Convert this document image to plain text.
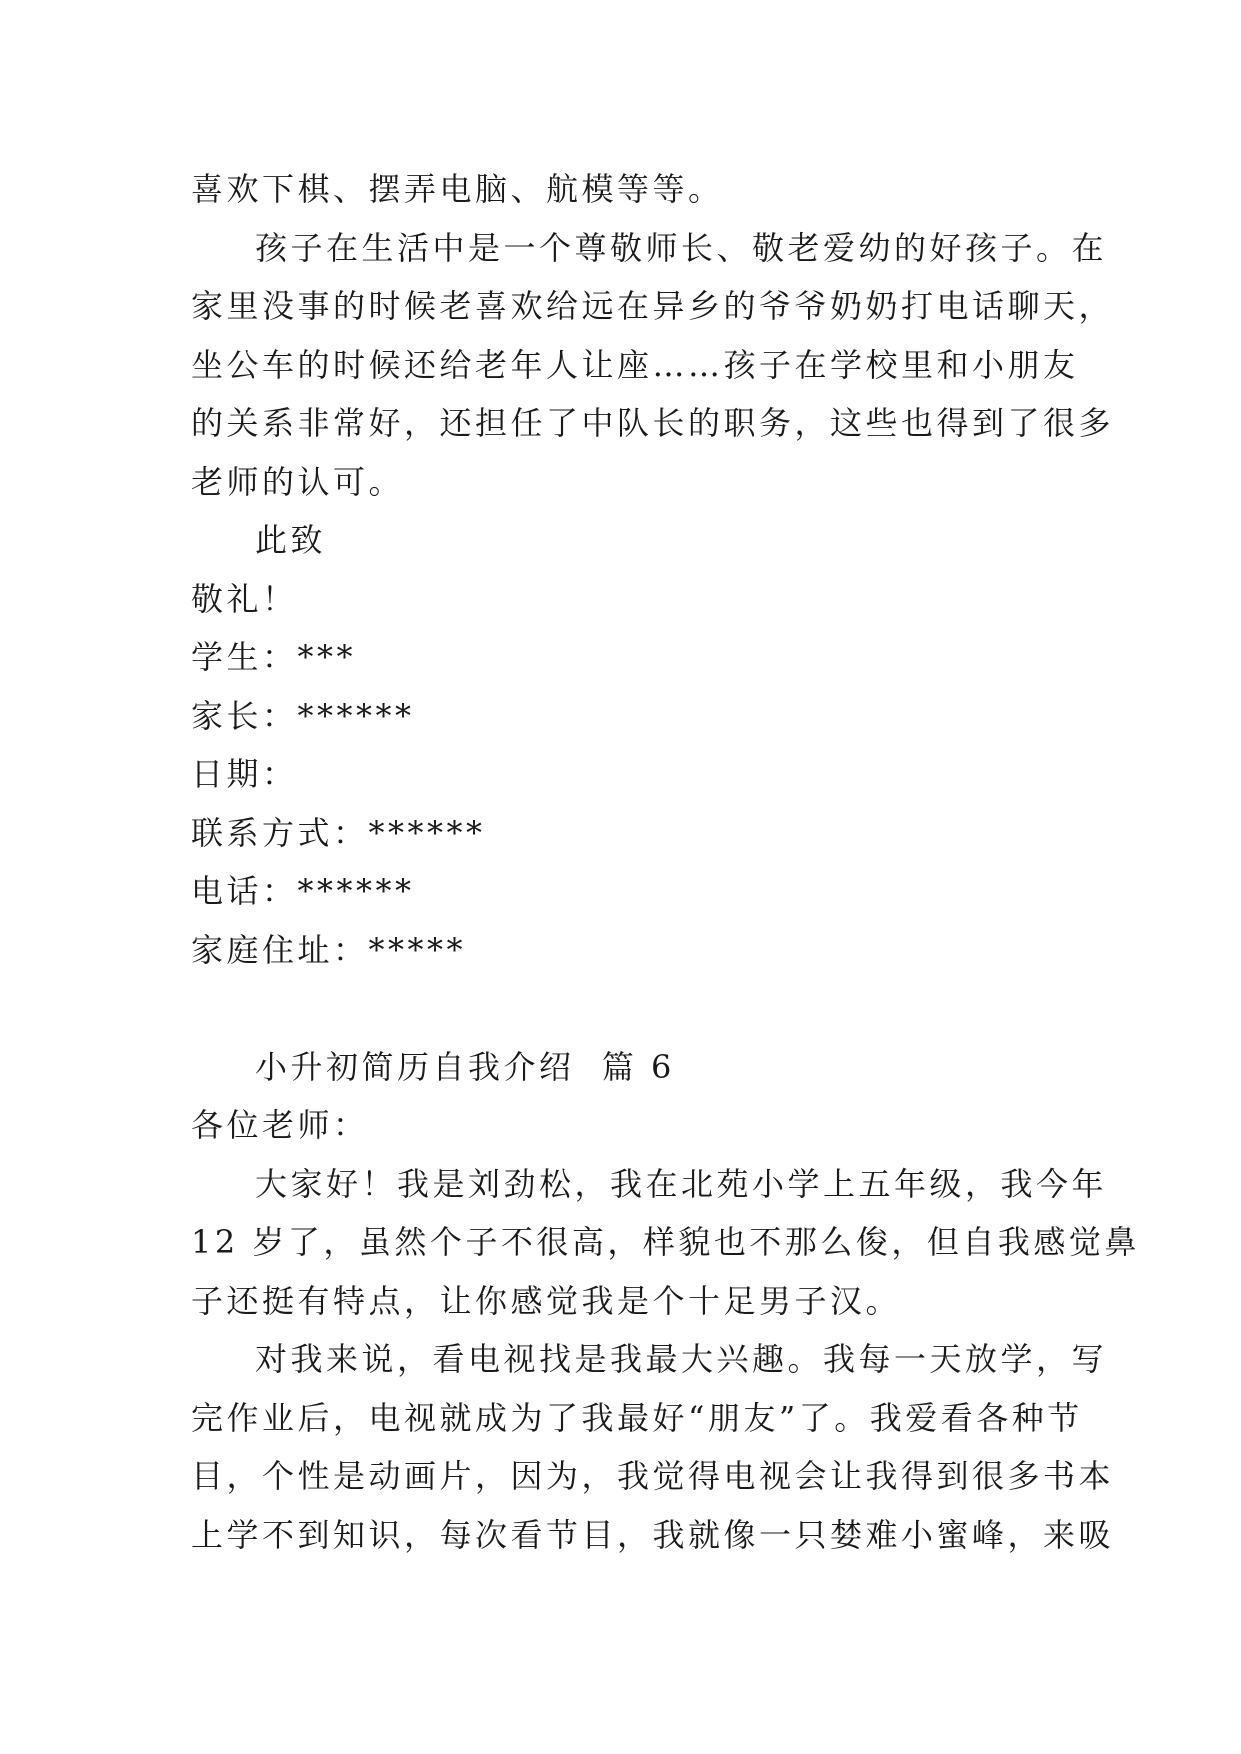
喜欢下棋、摆弄电脑、航模等等。
孩子在生活中是一个尊敬师长、敬老爱幼的好孩子。在
家里没事的时候老喜欢给远在异乡的爷爷奶奶打电话聊天，
坐公车的时候还给老年人让座……孩子在学校里和小朋友
的关系非常好，还担任了中队长的职务，这些也得到了很多
老师的认可。
此致
敬礼！
学生：***
家长：******
日期：
联系方式：******
电话：******
家庭住址：*****
小升初简历自我介绍  篇 6
各位老师：
大家好！我是刘劲松，我在北苑小学上五年级，我今年
12 岁了，虽然个子不很高，样貌也不那么俊，但自我感觉鼻
子还挺有特点，让你感觉我是个十足男子汉。
对我来说，看电视找是我最大兴趣。我每一天放学，写
完作业后，电视就成为了我最好“朋友”了。我爱看各种节
目，个性是动画片，因为，我觉得电视会让我得到很多书本
上学不到知识，每次看节目，我就像一只婪难小蜜峰，来吸
